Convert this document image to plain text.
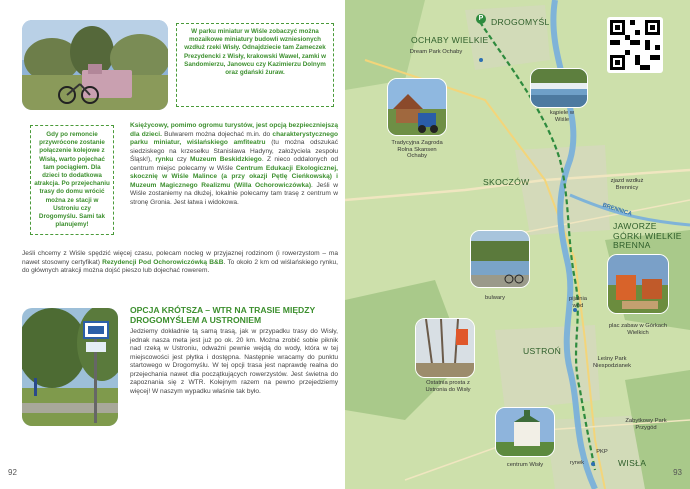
W parku miniatur w Wiśle zobaczyć można mozaikowe miniatury budowli wzniesionych wzdłuż rzeki Wisły. Odnajdziecie tam Zameczek Prezydencki z Wisły, krakowski Wawel, zamki w Sandomierzu, Janowcu czy Kazimierzu Dolnym oraz gdański żuraw.

Gdy po remoncie przywrócone zostanie połączenie kolejowe z Wisłą, warto pojechać tam pociągiem. Dla dzieci to dodatkowa atrakcja. Po przejechaniu trasy do domu wrócić można ze stacji w Ustroniu czy Drogomyślu. Sami tak planujemy!

Księżycowy, pomimo ogromu turystów, jest opcją bezpieczniejszą dla dzieci. Bulwarem można dojechać m.in. do charakterystycznego parku miniatur, wiślańskiego amfiteatru (tu można odszukać siedziskego na krzesełku Stanisława Hadyny, założyciela zespołu Śląsk!), rynku czy Muzeum Beskidzkiego. Z nieco oddalonych od centrum miejsc polecamy w Wiśle Centrum Edukacji Ekologicznej, skocznię w Wiśle Malince (a przy okazji Pętlę Cieńkowską) i Muzeum Magicznego Realizmu (Willa Ochorowiczówka). Jeśli w Wiśle zostaniemy na dłużej, lokalnie polecamy tam trasę z centrum w stronę Gronia. Jest łatwa i widokowa.
Jeśli chcemy z Wiśle spędzić więcej czasu, polecam nocleg w przyjaznej rodzinom (i rowerzystom – ma nawet stosowny certyfikat) Rezydencji Pod Ochorowiczówką B&B. To około 2 km od wiślańskiego rynku, do głównych atrakcji można dojść pieszo lub dojechać rowerem.
OPCJA KRÓTSZA – WTR NA TRASIE MIĘDZY DROGOMYŚLEM A USTRONIEM
Jedziemy dokładnie tą samą trasą, jak w przypadku trasy do Wisły, jednak nasza meta jest już po ok. 20 km. Można zrobić sobie piknik nad rzeką w Ustroniu, odważni pewnie wejdą do wody, która w tej miejscowości jest płytka i dostępna. Następnie wracamy do punktu startowego w Drogomyślu. W tej opcji trasa jest naprawdę realna do przejechania nawet dla początkujących rowerzystów. Jest świetna do zapoznania się z WTR. Kolejnym razem na pewno przejedziemy więcej! W naszym wypadku właśnie tak było.
92
DROGOMYŚL
OCHABY WIELKIE
SKOCZÓW
JAWORZE GÓRKI WIELKIE BRENNA
USTROŃ
WISŁA
P
Dream Park Ochaby
kąpiele w Wiśle
Tradycyjna Zagroda Rolna Skansen Ochaby
zjazd wzdłuż Brennicy
BRENNICA
bulwary	pijalnia wód
plac zabaw w Górkach Wielkich
Leśny Park Niespodzianek
Ostatnia prosta z Ustronia do Wisły
Zabytkowy Park Przygód
rynek
PKP
centrum Wisły
93
